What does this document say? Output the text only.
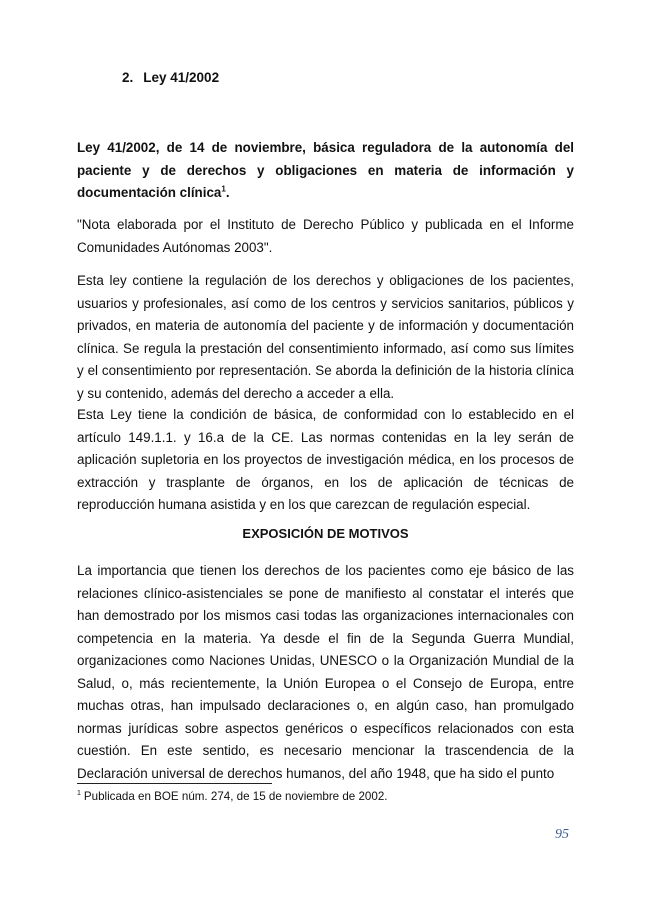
2. Ley 41/2002

Ley 41/2002, de 14 de noviembre, básica reguladora de la autonomía del paciente y de derechos y obligaciones en materia de información y documentación clínica$^1$.

"Nota elaborada por el Instituto de Derecho Público y publicada en el Informe Comunidades Autónomas 2003".

Esta ley contiene la regulación de los derechos y obligaciones de los pacientes, usuarios y profesionales, así como de los centros y servicios sanitarios, públicos y privados, en materia de autonomía del paciente y de información y documentación clínica. Se regula la prestación del consentimiento informado, así como sus límites y el consentimiento por representación. Se aborda la definición de la historia clínica y su contenido, además del derecho a acceder a ella.

Esta Ley tiene la condición de básica, de conformidad con lo establecido en el artículo 149.1.1. y 16.a de la CE. Las normas contenidas en la ley serán de aplicación supletoria en los proyectos de investigación médica, en los procesos de extracción y trasplante de órganos, en los de aplicación de técnicas de reproducción humana asistida y en los que carezcan de regulación especial.

EXPOSICIÓN DE MOTIVOS

La importancia que tienen los derechos de los pacientes como eje básico de las relaciones clínico-asistenciales se pone de manifiesto al constatar el interés que han demostrado por los mismos casi todas las organizaciones internacionales con competencia en la materia. Ya desde el fin de la Segunda Guerra Mundial, organizaciones como Naciones Unidas, UNESCO o la Organización Mundial de la Salud, o, más recientemente, la Unión Europea o el Consejo de Europa, entre muchas otras, han impulsado declaraciones o, en algún caso, han promulgado normas jurídicas sobre aspectos genéricos o específicos relacionados con esta cuestión. En este sentido, es necesario mencionar la trascendencia de la Declaración universal de derechos humanos, del año 1948, que ha sido el punto

$^1$ Publicada en BOE núm. 274, de 15 de noviembre de 2002.

95
